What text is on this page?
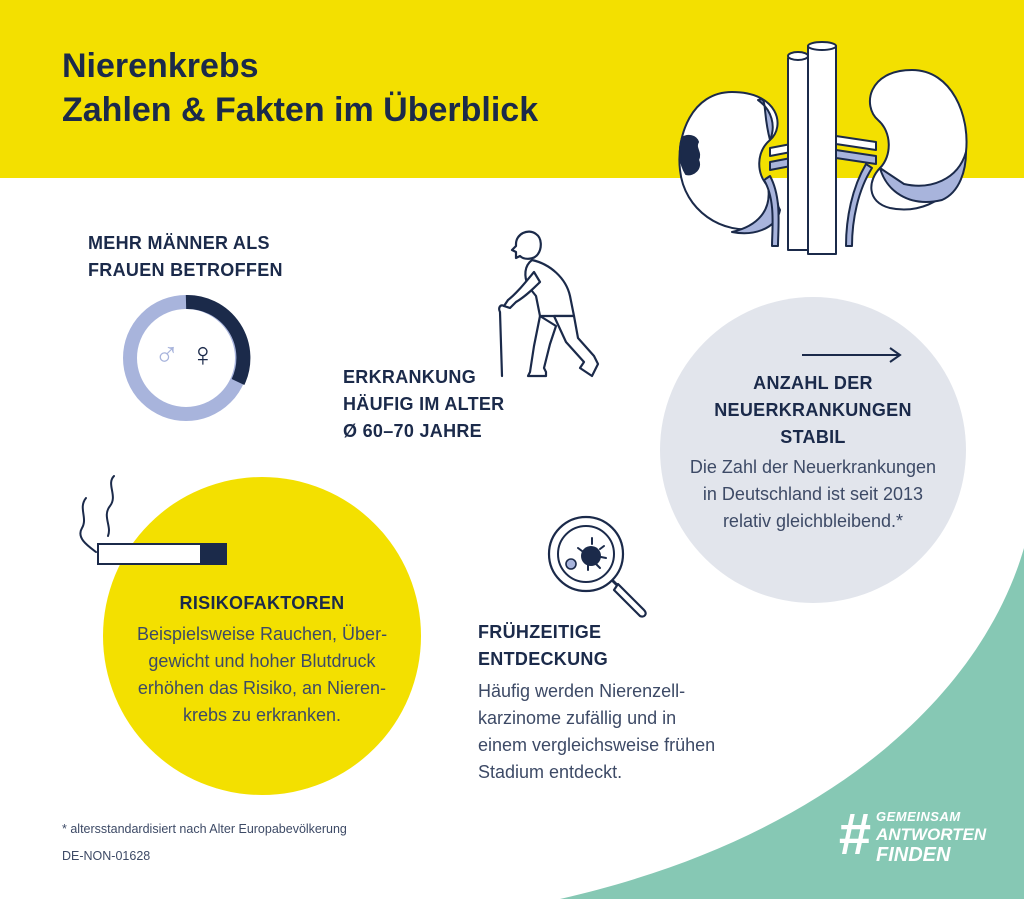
Nierenkrebs
Zahlen & Fakten im Überblick

MEHR MÄNNER ALS
FRAUEN BETROFFEN

♂ ♀

ERKRANKUNG
HÄUFIG IM ALTER
Ø 60–70 JAHRE

ANZAHL DER
NEUERKRANKUNGEN
STABIL

Die Zahl der Neuerkrankungen
in Deutschland ist seit 2013
relativ gleichbleibend.*

RISIKOFAKTOREN

Beispielsweise Rauchen, Über-
gewicht und hoher Blutdruck
erhöhen das Risiko, an Nieren-
krebs zu erkranken.

FRÜHZEITIGE
ENTDECKUNG

Häufig werden Nierenzell-
karzinome zufällig und in
einem vergleichsweise frühen
Stadium entdeckt.

* altersstandardisiert nach Alter Europabevölkerung

DE-NON-01628	# GEMEINSAM
ANTWORTEN
FINDEN
